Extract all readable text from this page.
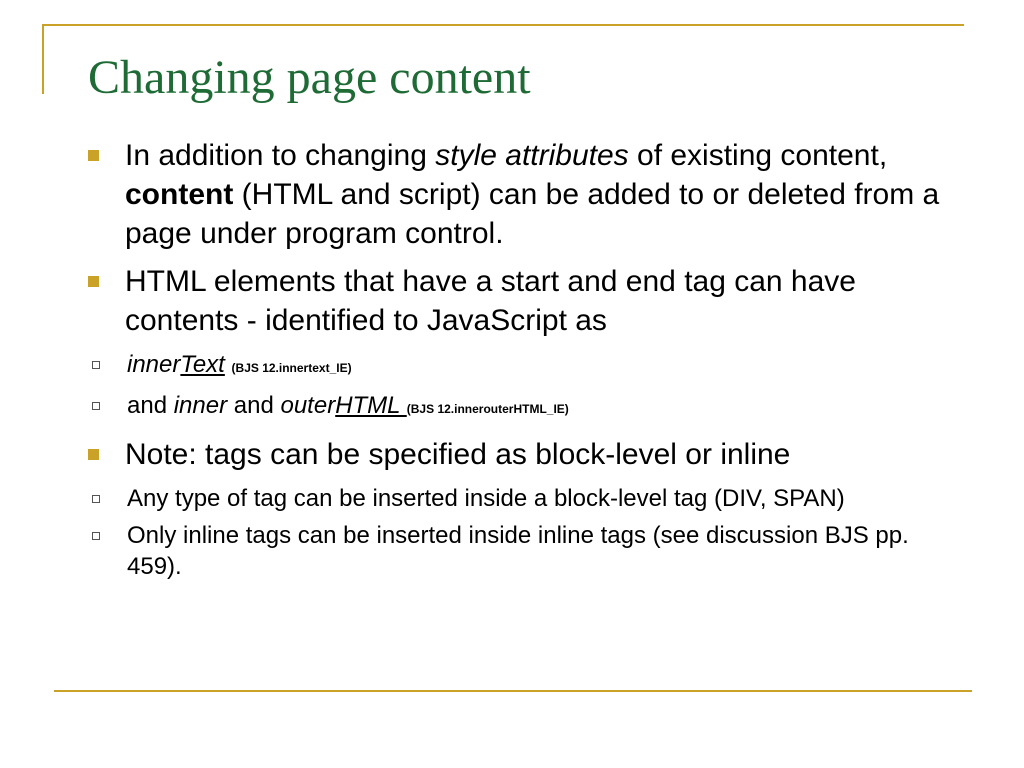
Changing page content
In addition to changing style attributes of existing content, content (HTML and script) can be added to or deleted from a page under program control.
HTML elements that have a start and end tag can have contents - identified to JavaScript as
innerText (BJS 12.innertext_IE)
and inner and outerHTML (BJS 12.innerouterHTML_IE)
Note: tags can be specified as block-level or inline
Any type of tag can be inserted inside a block-level tag (DIV, SPAN)
Only inline tags can be inserted inside inline tags (see discussion BJS pp. 459).
